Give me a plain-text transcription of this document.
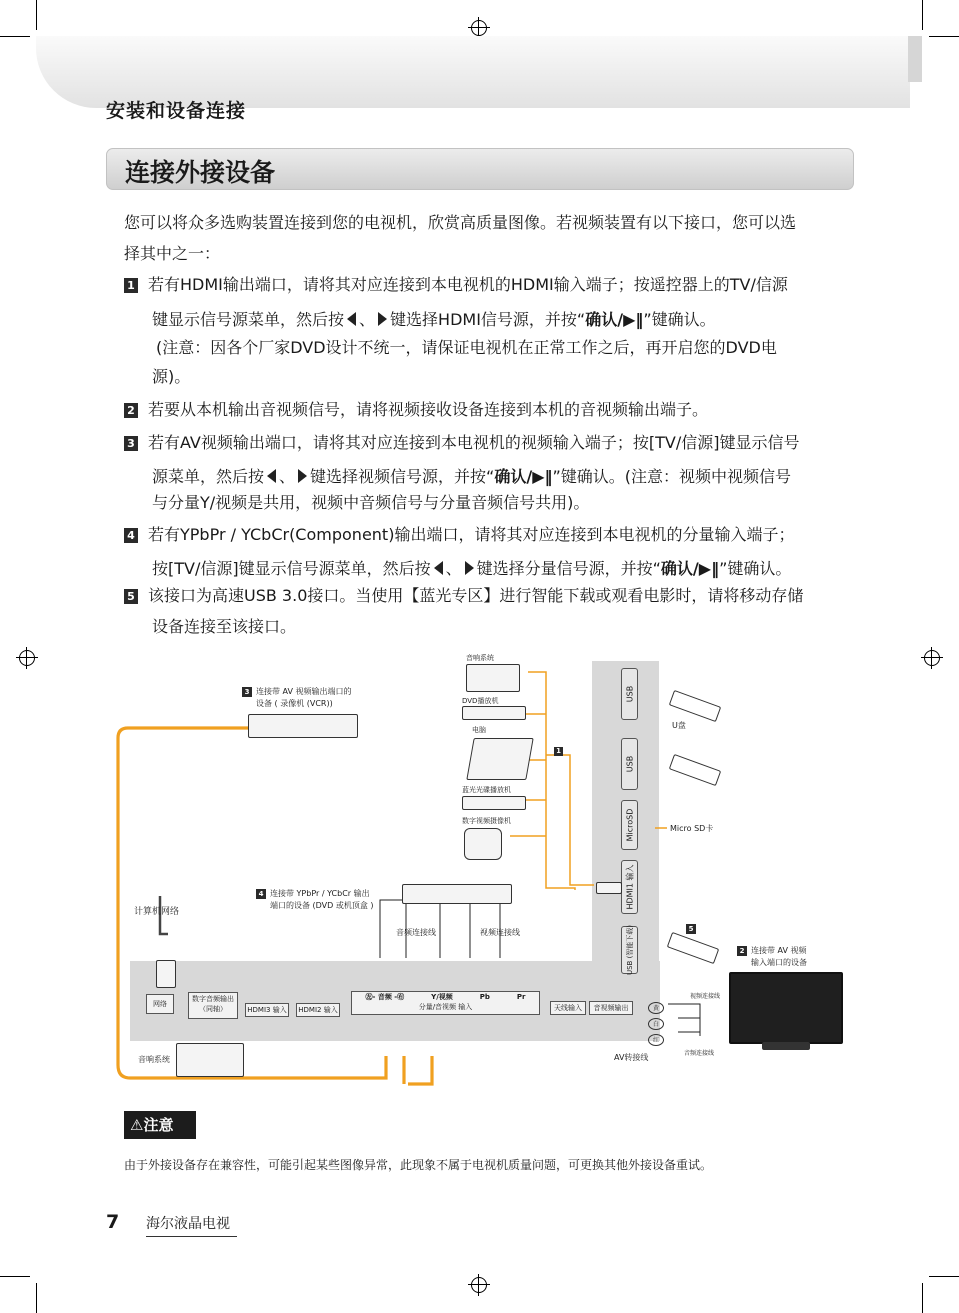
安装和设备连接
连接外接设备
您可以将众多选购装置连接到您的电视机，欣赏高质量图像。若视频装置有以下接口，您可以选
择其中之一：
1 若有HDMI输出端口，请将其对应连接到本电视机的HDMI输入端子；按遥控器上的TV/信源
键显示信号源菜单，然后按 、 键选择HDMI信号源，并按“确认/▶‖”键确认。
(注意：因各个厂家DVD设计不统一，请保证电视机在正常工作之后，再开启您的DVD电
源)。
2 若要从本机输出音视频信号，请将视频接收设备连接到本机的音视频输出端子。
3 若有AV视频输出端口，请将其对应连接到本电视机的视频输入端子；按[TV/信源]键显示信号
源菜单，然后按 、 键选择视频信号源，并按“确认/▶‖”键确认。(注意：视频中视频信号
与分量Y/视频是共用，视频中音频信号与分量音频信号共用)。
4 若有YPbPr / YCbCr(Component)输出端口，请将其对应连接到本电视机的分量输入端子；
按[TV/信源]键显示信号源菜单，然后按 、 键选择分量信号源，并按“确认/▶‖”键确认。
5 该接口为高速USB 3.0接口。当使用【蓝光专区】进行智能下载或观看电影时，请将移动存储
设备连接至该接口。
USB
USB
MicroSD
HDMI1 输入
USB (智能下载)
网络
数字音频输出
（同轴）	HDMI3 输入	HDMI2 输入
㊧- 音频 -㊨	Y/视频	Pb	Pr
分量/音视频 输入	天线输入	音视频输出
音响系统
DVD播放机
电脑
蓝光光碟播放机
数字视频摄像机
3 连接带 AV 视频输出端口的
设备 ( 录像机 (VCR))
4 连接带 YPbPr / YCbCr 输出
端口的设备 (DVD 或机顶盒 )
计算机网络
音频连接线	视频连接线
1
U盘
Micro SD卡
5
2 连接带 AV 视频
输入端口的设备
视频连接线
音频连接线
黄
白
红
AV转接线
音响系统
⚠注意
由于外接设备存在兼容性，可能引起某些图像异常，此现象不属于电视机质量问题，可更换其他外接设备重试。
7 海尔液晶电视
